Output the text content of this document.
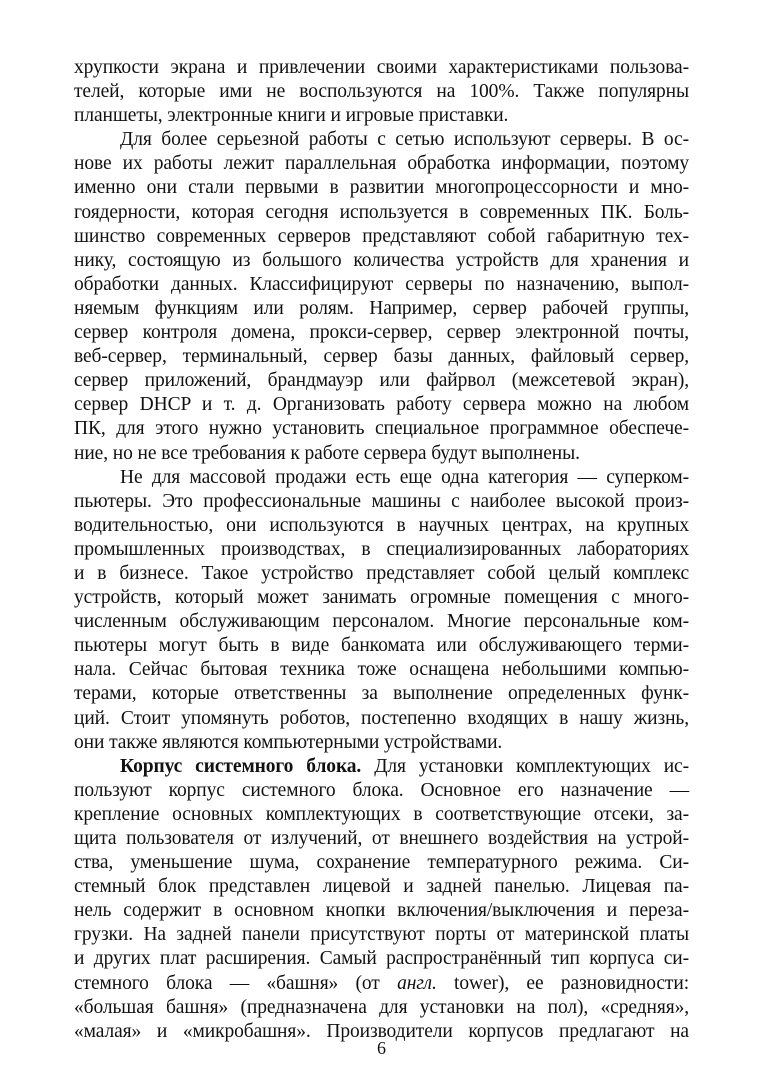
хрупкости экрана и привлечении своими характеристиками пользова-
телей, которые ими не воспользуются на 100%. Также популярны
планшеты, электронные книги и игровые приставки.
Для более серьезной работы с сетью используют серверы. В ос-
нове их работы лежит параллельная обработка информации, поэтому
именно они стали первыми в развитии многопроцессорности и мно-
гоядерности, которая сегодня используется в современных ПК. Боль-
шинство современных серверов представляют собой габаритную тех-
нику, состоящую из большого количества устройств для хранения и
обработки данных. Классифицируют серверы по назначению, выпол-
няемым функциям или ролям. Например, сервер рабочей группы,
сервер контроля домена, прокси-сервер, сервер электронной почты,
веб-сервер, терминальный, сервер базы данных, файловый сервер,
сервер приложений, брандмауэр или файрвол (межсетевой экран),
сервер DHCP и т. д. Организовать работу сервера можно на любом
ПК, для этого нужно установить специальное программное обеспече-
ние, но не все требования к работе сервера будут выполнены.
Не для массовой продажи есть еще одна категория — суперком-
пьютеры. Это профессиональные машины с наиболее высокой произ-
водительностью, они используются в научных центрах, на крупных
промышленных производствах, в специализированных лабораториях
и в бизнесе. Такое устройство представляет собой целый комплекс
устройств, который может занимать огромные помещения с много-
численным обслуживающим персоналом. Многие персональные ком-
пьютеры могут быть в виде банкомата или обслуживающего терми-
нала. Сейчас бытовая техника тоже оснащена небольшими компью-
терами, которые ответственны за выполнение определенных функ-
ций. Стоит упомянуть роботов, постепенно входящих в нашу жизнь,
они также являются компьютерными устройствами.
Корпус системного блока. Для установки комплектующих ис-
пользуют корпус системного блока. Основное его назначение —
крепление основных комплектующих в соответствующие отсеки, за-
щита пользователя от излучений, от внешнего воздействия на устрой-
ства, уменьшение шума, сохранение температурного режима. Си-
стемный блок представлен лицевой и задней панелью. Лицевая па-
нель содержит в основном кнопки включения/выключения и переза-
грузки. На задней панели присутствуют порты от материнской платы
и других плат расширения. Самый распространённый тип корпуса си-
стемного блока — «башня» (от англ. tower), ее разновидности:
«большая башня» (предназначена для установки на пол), «средняя»,
«малая» и «микробашня». Производители корпусов предлагают на
6
